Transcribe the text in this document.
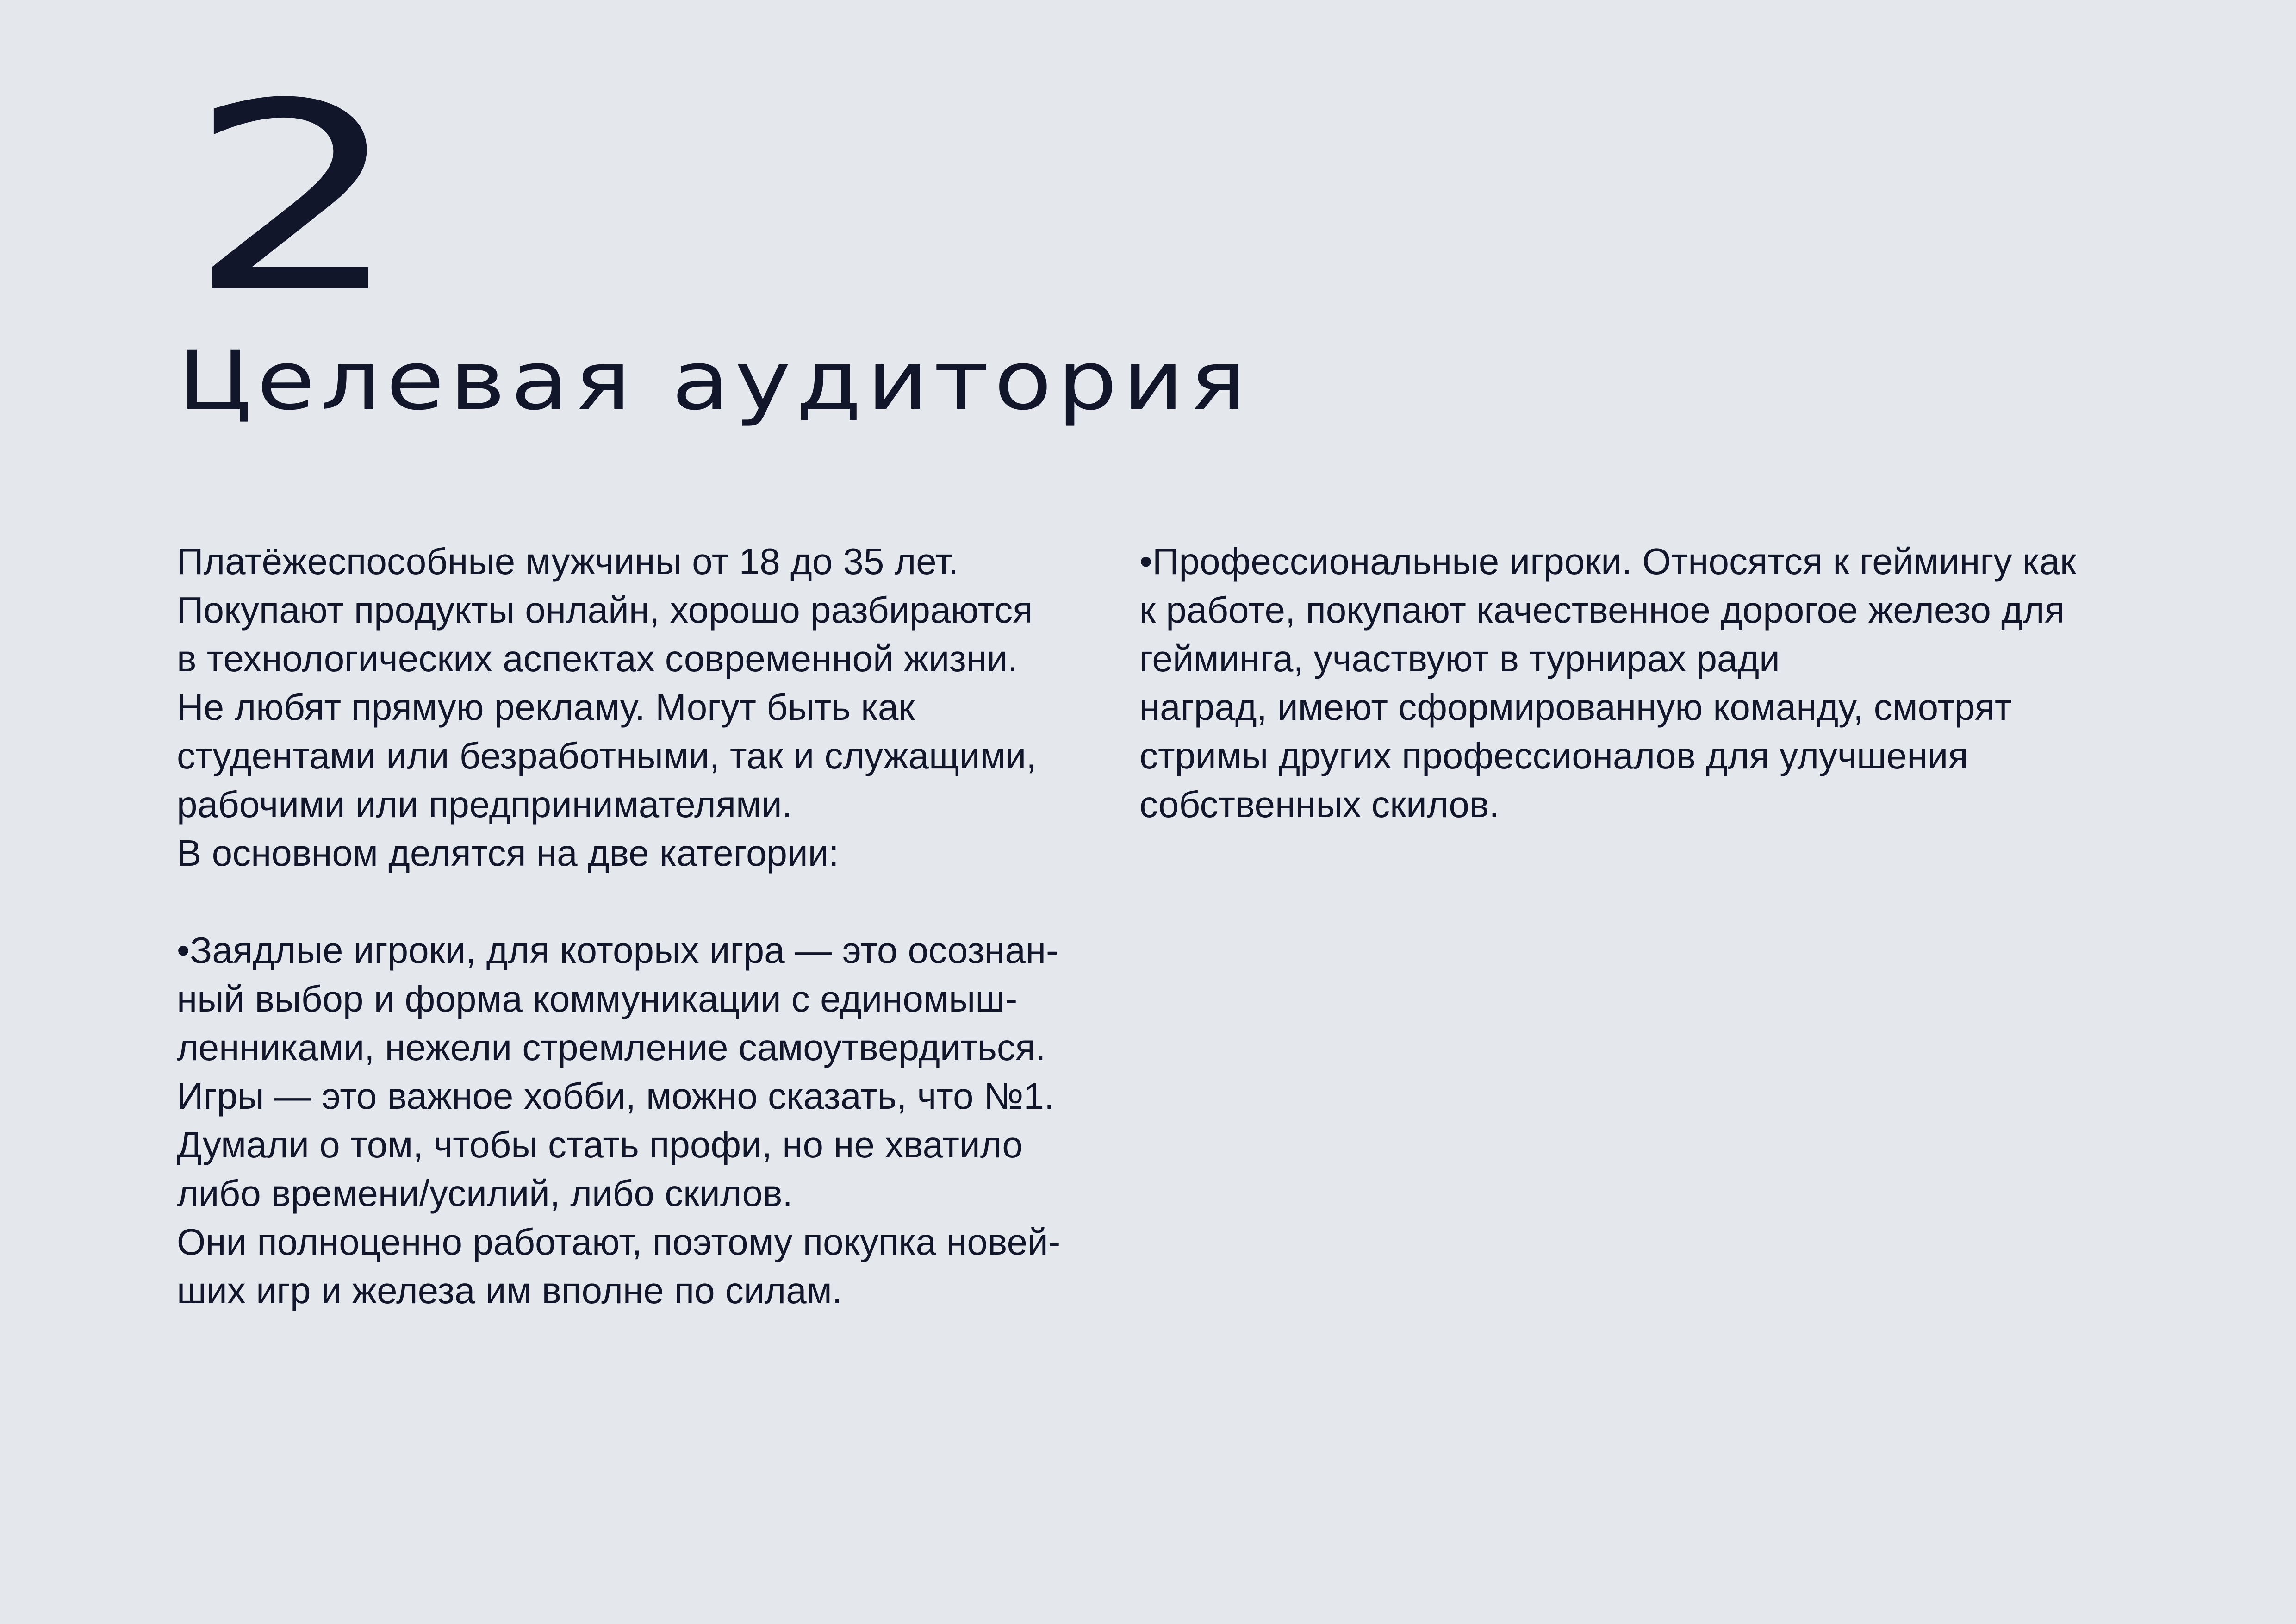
2
Целевая аудитория
Платёжеспособные мужчины от 18 до 35 лет.
Покупают продукты онлайн, хорошо разбираются
в технологических аспектах современной жизни.
Не любят прямую рекламу. Могут быть как
студентами или безработными, так и служащими,
рабочими или предпринимателями.
В основном делятся на две категории:
•Заядлые игроки, для которых игра — это осознан-
ный выбор и форма коммуникации с единомыш-
ленниками, нежели стремление самоутвердиться.
Игры — это важное хобби, можно сказать, что №1.
Думали о том, чтобы стать профи, но не хватило
либо времени/усилий, либо скилов.
Они полноценно работают, поэтому покупка новей-
ших игр и железа им вполне по силам.
•Профессиональные игроки. Относятся к геймингу как
к работе, покупают качественное дорогое железо для
гейминга, участвуют в турнирах ради
наград, имеют сформированную команду, смотрят
стримы других профессионалов для улучшения
собственных скилов.
